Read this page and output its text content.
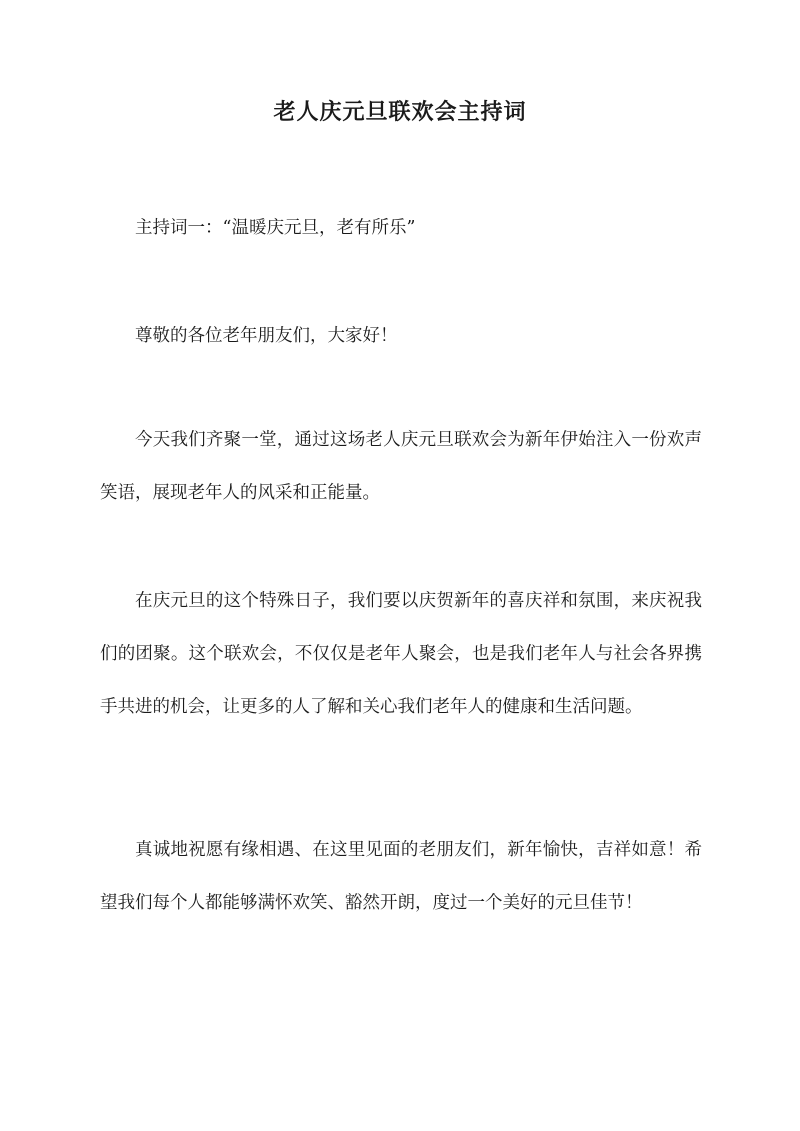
老人庆元旦联欢会主持词

主持词一：“温暖庆元旦，老有所乐”

尊敬的各位老年朋友们，大家好！

今天我们齐聚一堂，通过这场老人庆元旦联欢会为新年伊始注入一份欢声笑语，展现老年人的风采和正能量。

在庆元旦的这个特殊日子，我们要以庆贺新年的喜庆祥和氛围，来庆祝我们的团聚。这个联欢会，不仅仅是老年人聚会，也是我们老年人与社会各界携手共进的机会，让更多的人了解和关心我们老年人的健康和生活问题。

真诚地祝愿有缘相遇、在这里见面的老朋友们，新年愉快，吉祥如意！希望我们每个人都能够满怀欢笑、豁然开朗，度过一个美好的元旦佳节！
